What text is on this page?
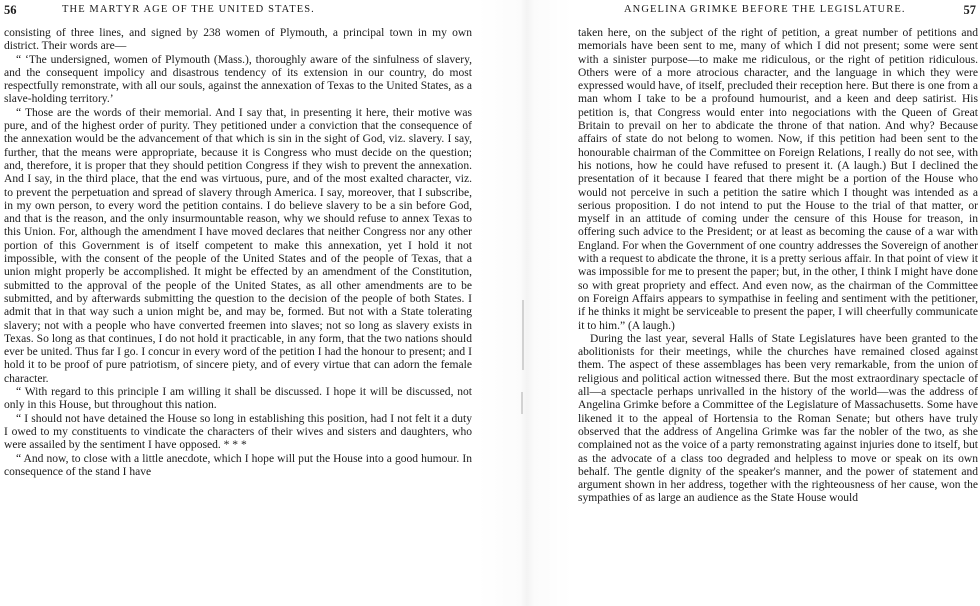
56	THE MARTYR AGE OF THE UNITED STATES.

consisting of three lines, and signed by 238 women of Plymouth, a principal town in my own district. Their words are—

“ ‘The undersigned, women of Plymouth (Mass.), thoroughly aware of the sinfulness of slavery, and the consequent impolicy and disastrous tendency of its extension in our country, do most respectfully remonstrate, with all our souls, against the annexation of Texas to the United States, as a slave-holding territory.’

“ Those are the words of their memorial. And I say that, in presenting it here, their motive was pure, and of the highest order of purity. They petitioned under a conviction that the consequence of the annexation would be the advancement of that which is sin in the sight of God, viz. slavery. I say, further, that the means were appropriate, because it is Congress who must decide on the question; and, therefore, it is proper that they should petition Congress if they wish to prevent the annexation. And I say, in the third place, that the end was virtuous, pure, and of the most exalted character, viz. to prevent the perpetuation and spread of slavery through America. I say, moreover, that I subscribe, in my own person, to every word the petition contains. I do believe slavery to be a sin before God, and that is the reason, and the only insurmountable reason, why we should refuse to annex Texas to this Union. For, although the amendment I have moved declares that neither Congress nor any other portion of this Government is of itself competent to make this annexation, yet I hold it not impossible, with the consent of the people of the United States and of the people of Texas, that a union might properly be accomplished. It might be effected by an amendment of the Constitution, submitted to the approval of the people of the United States, as all other amendments are to be submitted, and by afterwards submitting the question to the decision of the people of both States. I admit that in that way such a union might be, and may be, formed. But not with a State tolerating slavery; not with a people who have converted freemen into slaves; not so long as slavery exists in Texas. So long as that continues, I do not hold it practicable, in any form, that the two nations should ever be united. Thus far I go. I concur in every word of the petition I had the honour to present; and I hold it to be proof of pure patriotism, of sincere piety, and of every virtue that can adorn the female character.

“ With regard to this principle I am willing it shall be discussed. I hope it will be discussed, not only in this House, but throughout this nation.

“ I should not have detained the House so long in establishing this position, had I not felt it a duty I owed to my constituents to vindicate the characters of their wives and sisters and daughters, who were assailed by the sentiment I have opposed. * * *

“ And now, to close with a little anecdote, which I hope will put the House into a good humour. In consequence of the stand I have

ANGELINA GRIMKE BEFORE THE LEGISLATURE.	57

taken here, on the subject of the right of petition, a great number of petitions and memorials have been sent to me, many of which I did not present; some were sent with a sinister purpose—to make me ridiculous, or the right of petition ridiculous. Others were of a more atrocious character, and the language in which they were expressed would have, of itself, precluded their reception here. But there is one from a man whom I take to be a profound humourist, and a keen and deep satirist. His petition is, that Congress would enter into negociations with the Queen of Great Britain to prevail on her to abdicate the throne of that nation. And why? Because affairs of state do not belong to women. Now, if this petition had been sent to the honourable chairman of the Committee on Foreign Relations, I really do not see, with his notions, how he could have refused to present it. (A laugh.) But I declined the presentation of it because I feared that there might be a portion of the House who would not perceive in such a petition the satire which I thought was intended as a serious proposition. I do not intend to put the House to the trial of that matter, or myself in an attitude of coming under the censure of this House for treason, in offering such advice to the President; or at least as becoming the cause of a war with England. For when the Government of one country addresses the Sovereign of another with a request to abdicate the throne, it is a pretty serious affair. In that point of view it was impossible for me to present the paper; but, in the other, I think I might have done so with great propriety and effect. And even now, as the chairman of the Committee on Foreign Affairs appears to sympathise in feeling and sentiment with the petitioner, if he thinks it might be serviceable to present the paper, I will cheerfully communicate it to him.” (A laugh.)

During the last year, several Halls of State Legislatures have been granted to the abolitionists for their meetings, while the churches have remained closed against them. The aspect of these assemblages has been very remarkable, from the union of religious and political action witnessed there. But the most extraordinary spectacle of all—a spectacle perhaps unrivalled in the history of the world—was the address of Angelina Grimke before a Committee of the Legislature of Massachusetts. Some have likened it to the appeal of Hortensia to the Roman Senate; but others have truly observed that the address of Angelina Grimke was far the nobler of the two, as she complained not as the voice of a party remonstrating against injuries done to itself, but as the advocate of a class too degraded and helpless to move or speak on its own behalf. The gentle dignity of the speaker's manner, and the power of statement and argument shown in her address, together with the righteousness of her cause, won the sympathies of as large an audience as the State House would
